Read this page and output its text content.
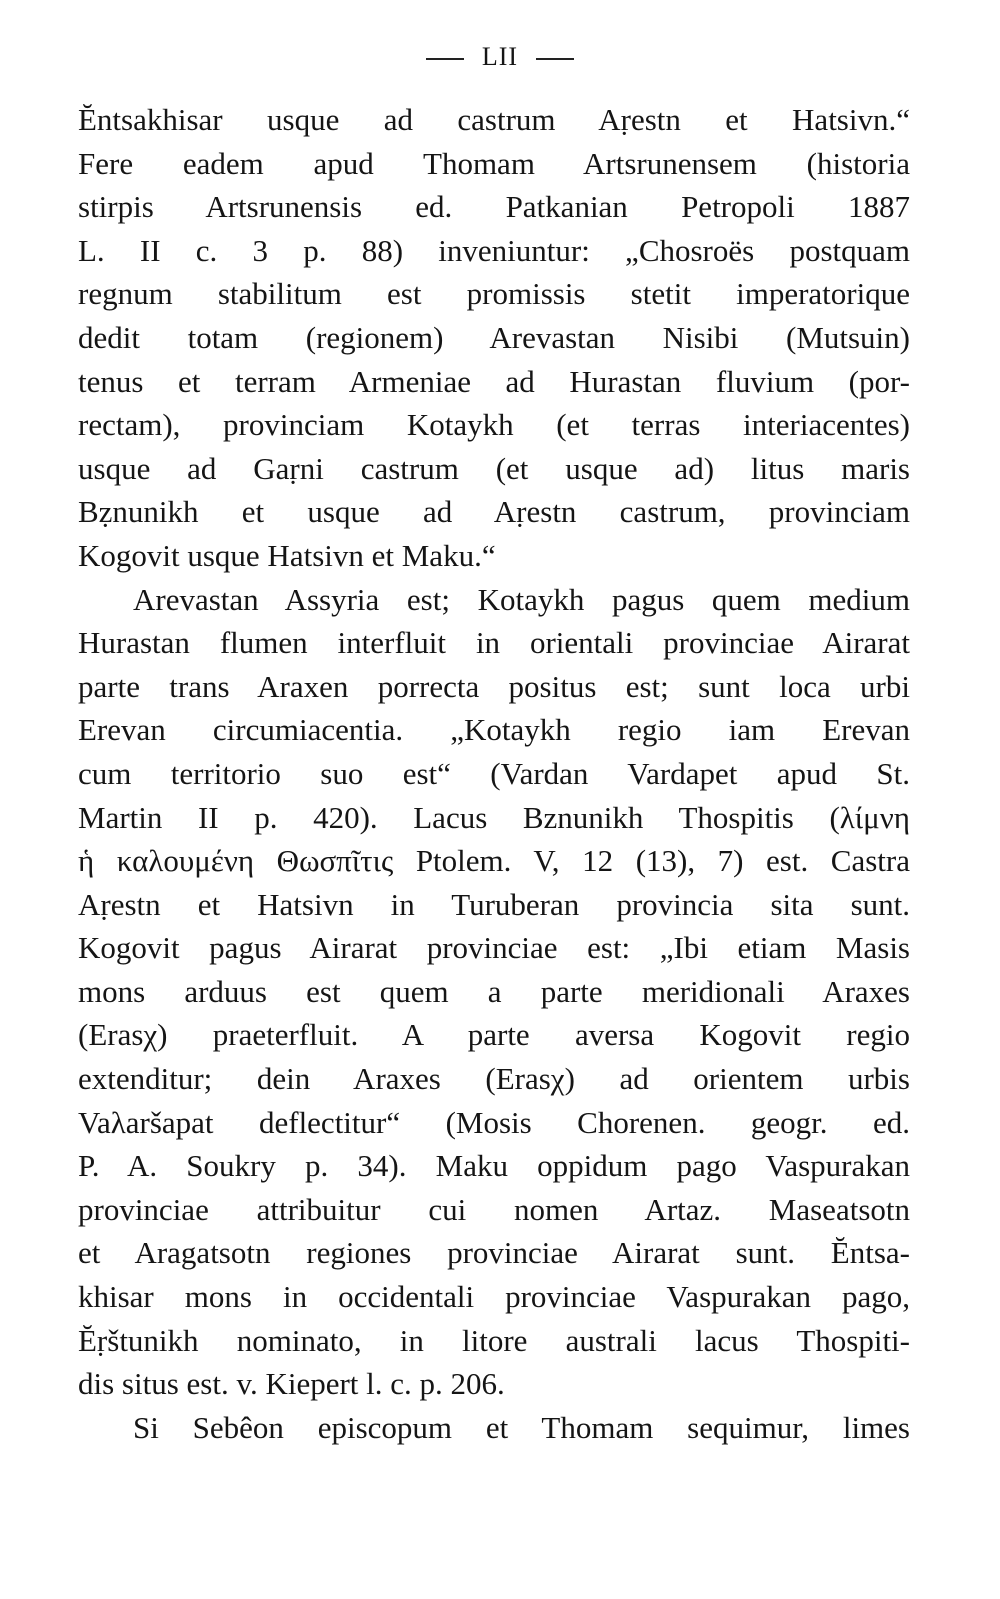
LII
Ĕntsakhisar usque ad castrum Aṛestn et Hatsivn.“
Fere eadem apud Thomam Artsrunensem (historia
stirpis Artsrunensis ed. Patkanian Petropoli 1887
L. II c. 3 p. 88) inveniuntur: „Chosroës postquam
regnum stabilitum est promissis stetit imperatorique
dedit totam (regionem) Arevastan Nisibi (Mutsuin)
tenus et terram Armeniae ad Hurastan fluvium (por-
rectam), provinciam Kotaykh (et terras interiacentes)
usque ad Gaṛni castrum (et usque ad) litus maris
Bẓnunikh et usque ad Aṛestn castrum, provinciam
Kogovit usque Hatsivn et Maku.“
Arevastan Assyria est; Kotaykh pagus quem medium
Hurastan flumen interfluit in orientali provinciae Airarat
parte trans Araxen porrecta positus est; sunt loca urbi
Erevan circumiacentia. „Kotaykh regio iam Erevan
cum territorio suo est“ (Vardan Vardapet apud St.
Martin II p. 420). Lacus Bznunikh Thospitis (λίμνη
ἡ καλουμένη Θωσπῖτις Ptolem. V, 12 (13), 7) est. Castra
Aṛestn et Hatsivn in Turuberan provincia sita sunt.
Kogovit pagus Airarat provinciae est: „Ibi etiam Masis
mons arduus est quem a parte meridionali Araxes
(Erasχ) praeterfluit. A parte aversa Kogovit regio
extenditur; dein Araxes (Erasχ) ad orientem urbis
Vaλaršapat deflectitur“ (Mosis Chorenen. geogr. ed.
P. A. Soukry p. 34). Maku oppidum pago Vaspurakan
provinciae attribuitur cui nomen Artaz. Maseatsotn
et Aragatsotn regiones provinciae Airarat sunt. Ĕntsa-
khisar mons in occidentali provinciae Vaspurakan pago,
Ĕṛštunikh nominato, in litore australi lacus Thospiti-
dis situs est. v. Kiepert l. c. p. 206.
Si Sebêon episcopum et Thomam sequimur, limes
